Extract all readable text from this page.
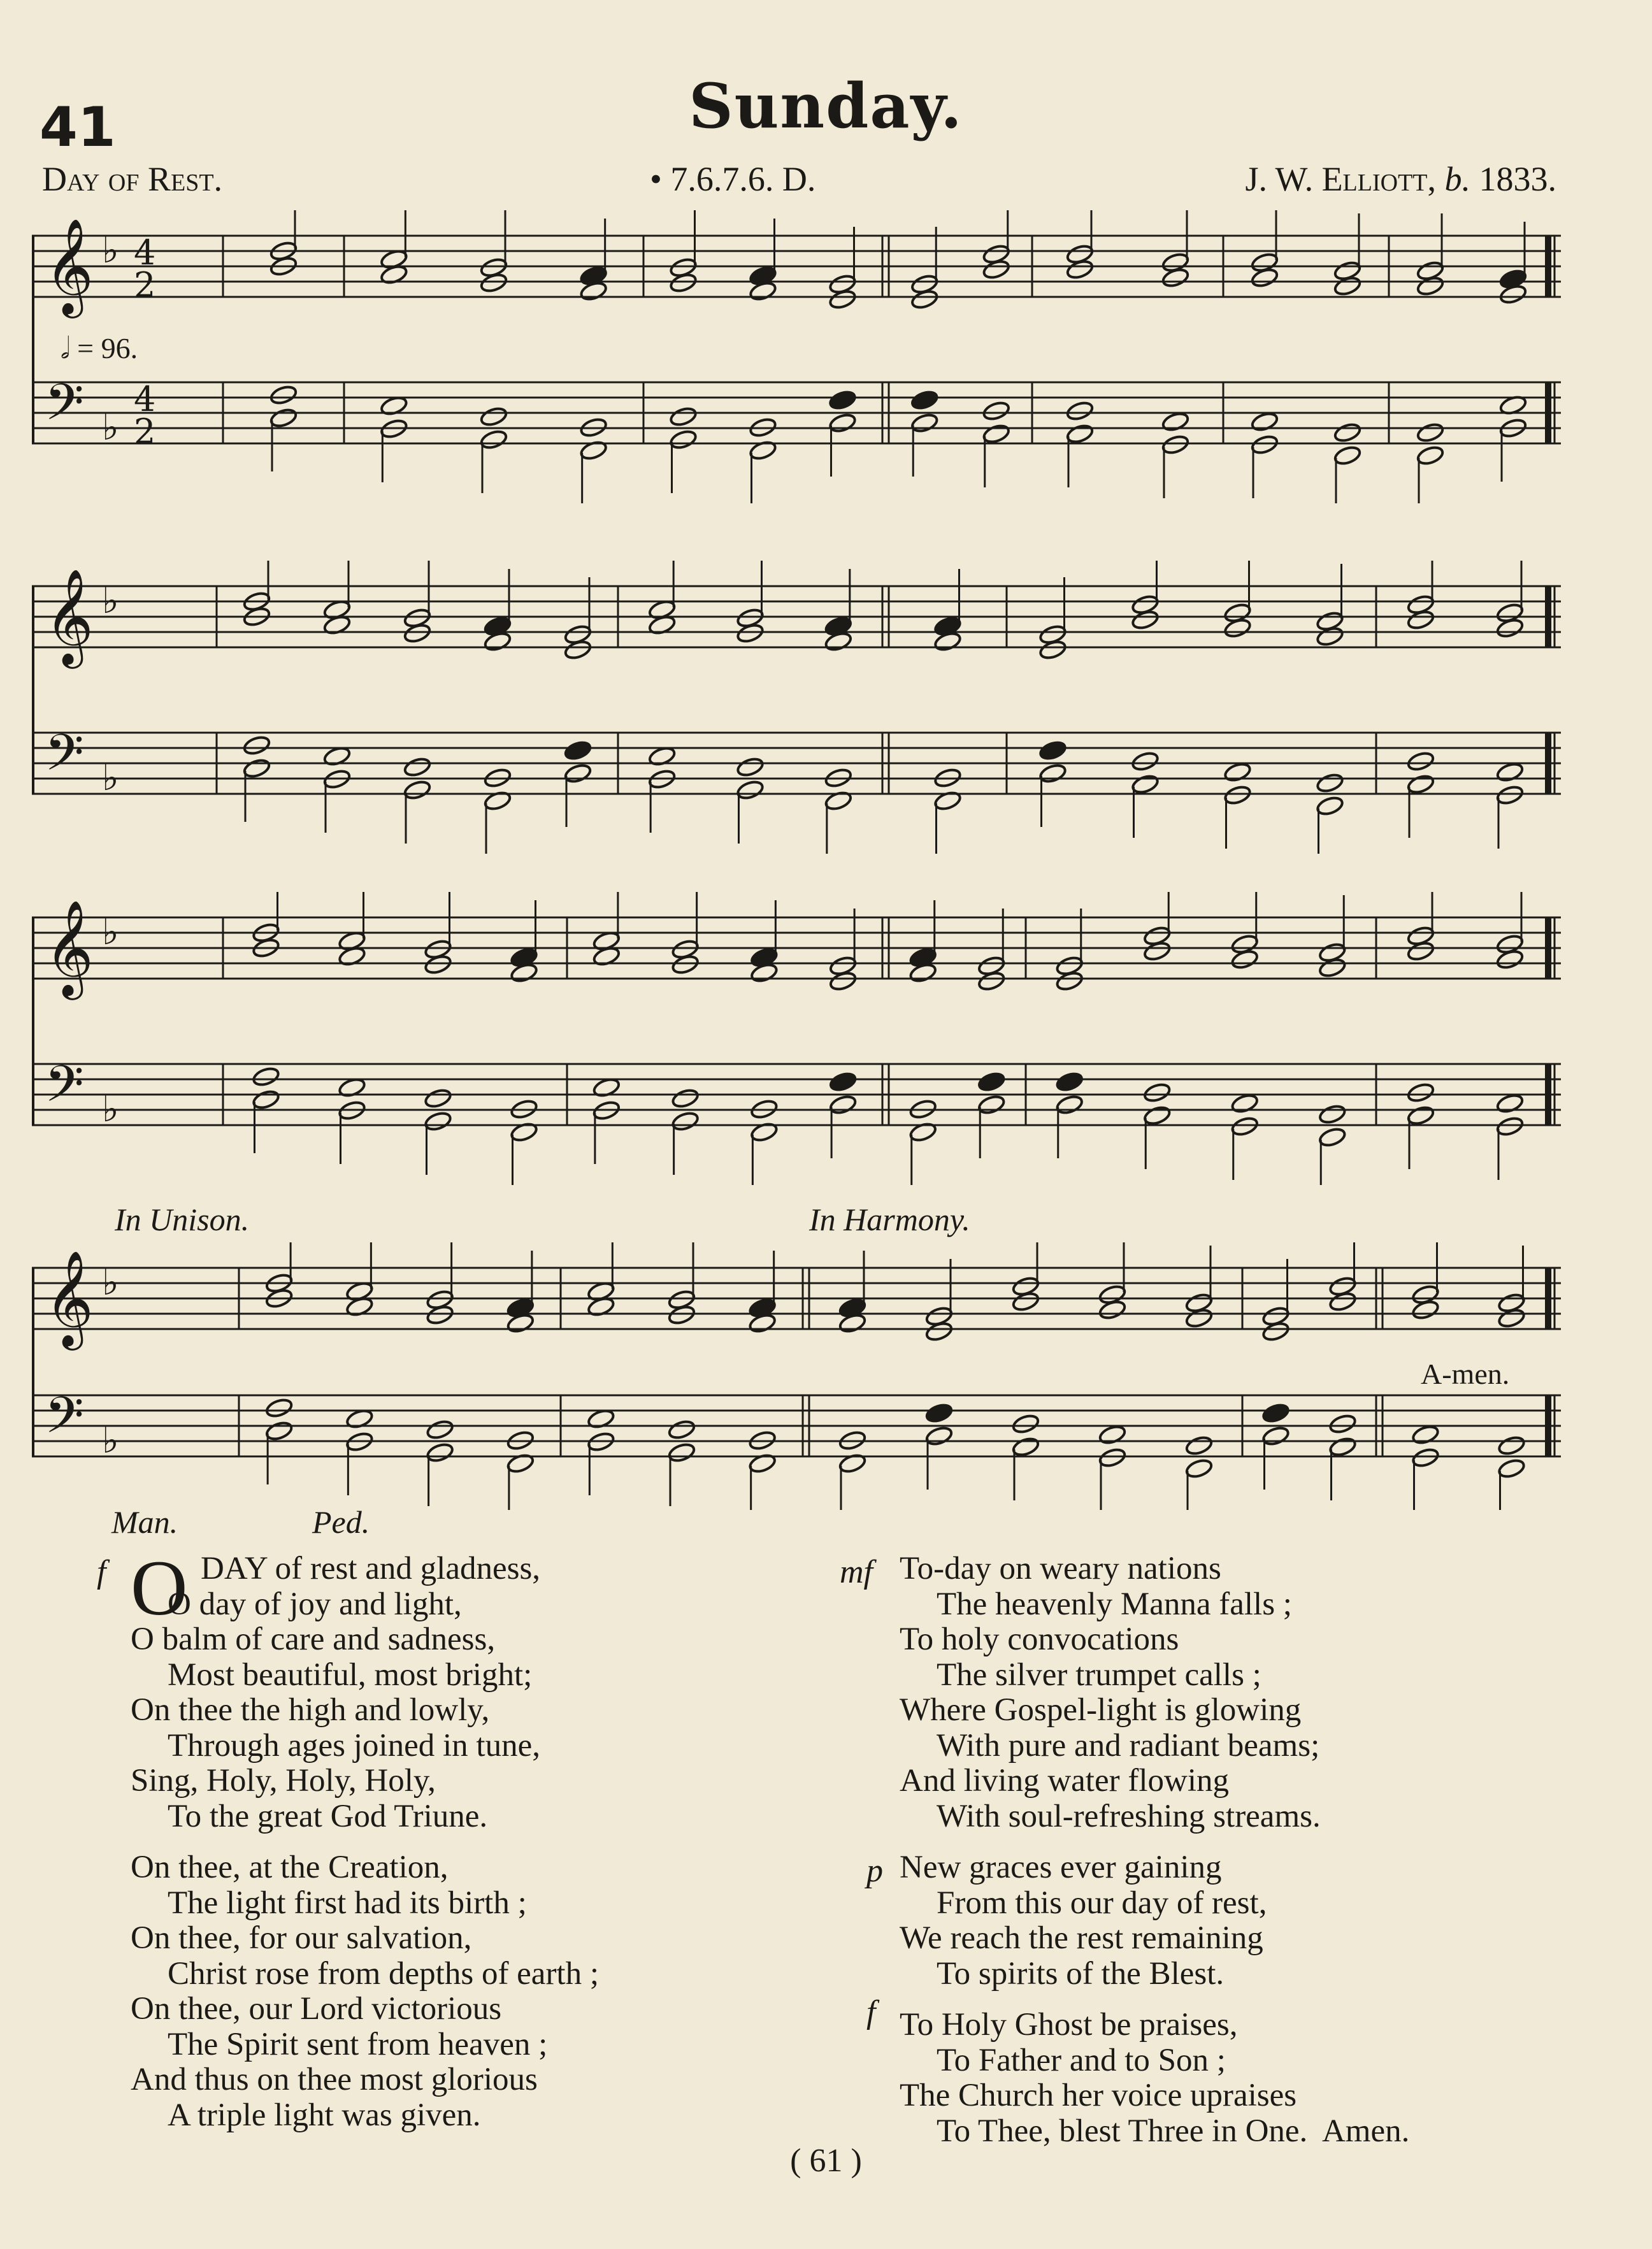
41	Sunday.
Day of Rest.	• 7.6.7.6. D.	J. W. Elliott, b. 1833.
𝄞
𝄢
♭
♭
4
2
4
2
𝄞
𝄢
♭
♭
𝄞
𝄢
♭
♭
𝄞
𝄢
♭
♭
𝅗𝅥 = 96.
In Unison.	In Harmony.
Man.	Ped.
A-men.
O
f	DAY of rest and gladness,
O day of joy and light,
O balm of care and sadness,
Most beautiful, most bright;
On thee the high and lowly,
Through ages joined in tune,
Sing, Holy, Holy, Holy,
To the great God Triune.
On thee, at the Creation,
The light first had its birth ;
On thee, for our salvation,
Christ rose from depths of earth ;
On thee, our Lord victorious
The Spirit sent from heaven ;
And thus on thee most glorious
A triple light was given.
mf
p
f
To-day on weary nations
The heavenly Manna falls ;
To holy convocations
The silver trumpet calls ;
Where Gospel-light is glowing
With pure and radiant beams;
And living water flowing
With soul-refreshing streams.
New graces ever gaining
From this our day of rest,
We reach the rest remaining
To spirits of the Blest.
To Holy Ghost be praises,
To Father and to Son ;
The Church her voice upraises
To Thee, blest Three in One.  Amen.
( 61 )
